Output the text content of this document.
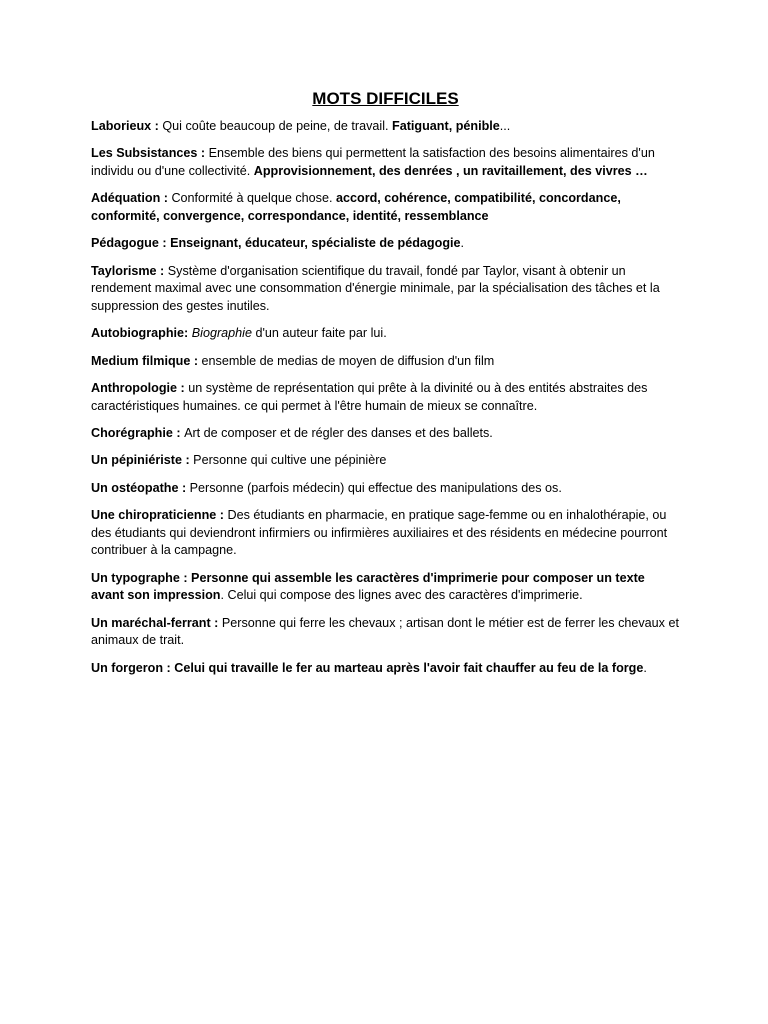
MOTS DIFFICILES

Laborieux : Qui coûte beaucoup de peine, de travail. Fatiguant, pénible...

Les Subsistances : Ensemble des biens qui permettent la satisfaction des besoins alimentaires d'un individu ou d'une collectivité. Approvisionnement, des denrées , un ravitaillement, des vivres …

Adéquation : Conformité à quelque chose. accord, cohérence, compatibilité, concordance, conformité, convergence, correspondance, identité, ressemblance

Pédagogue : Enseignant, éducateur, spécialiste de pédagogie.

Taylorisme : Système d'organisation scientifique du travail, fondé par Taylor, visant à obtenir un rendement maximal avec une consommation d'énergie minimale, par la spécialisation des tâches et la suppression des gestes inutiles.

Autobiographie: Biographie d'un auteur faite par lui.

Medium filmique : ensemble de medias de moyen de diffusion d'un film

Anthropologie : un système de représentation qui prête à la divinité ou à des entités abstraites des caractéristiques humaines. ce qui permet à l'être humain de mieux se connaître.

Chorégraphie : Art de composer et de régler des danses et des ballets.

Un pépiniériste : Personne qui cultive une pépinière

Un ostéopathe : Personne (parfois médecin) qui effectue des manipulations des os.

Une chiropraticienne : Des étudiants en pharmacie, en pratique sage-femme ou en inhalothérapie, ou des étudiants qui deviendront infirmiers ou infirmières auxiliaires et des résidents en médecine pourront contribuer à la campagne.

Un typographe : Personne qui assemble les caractères d'imprimerie pour composer un texte avant son impression. Celui qui compose des lignes avec des caractères d'imprimerie.

Un maréchal-ferrant : Personne qui ferre les chevaux ; artisan dont le métier est de ferrer les chevaux et animaux de trait.

Un forgeron : Celui qui travaille le fer au marteau après l'avoir fait chauffer au feu de la forge.
